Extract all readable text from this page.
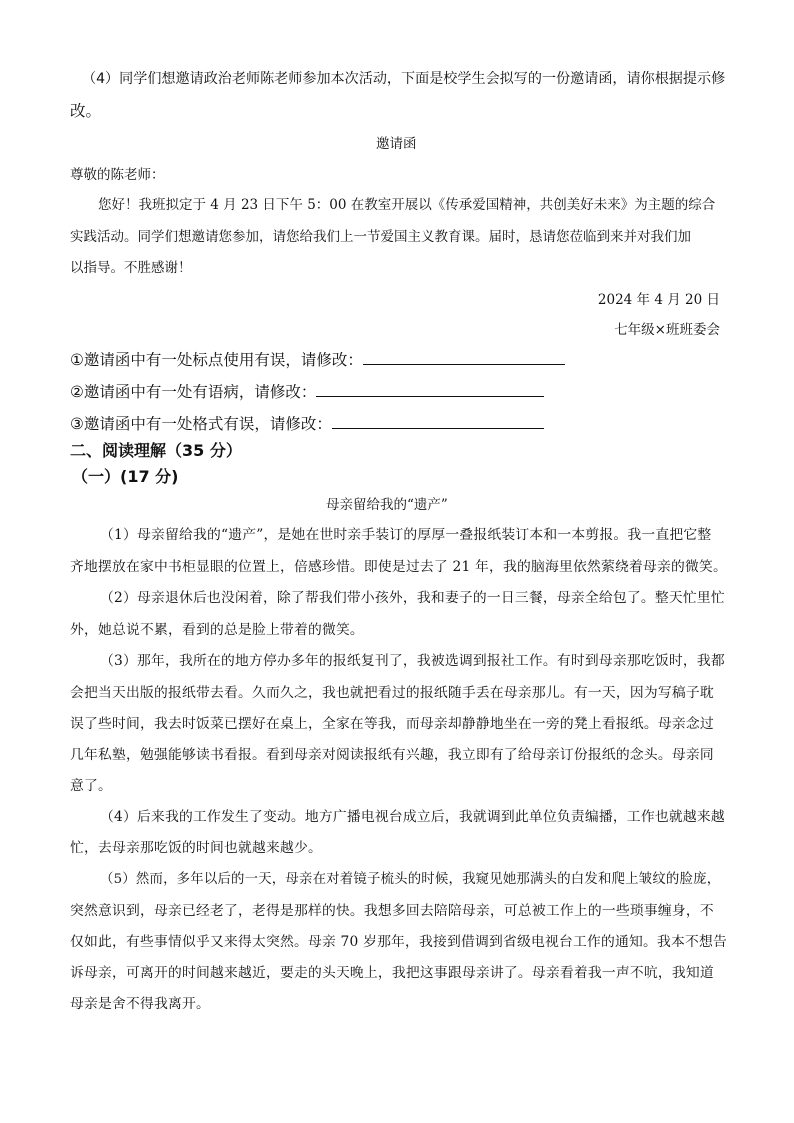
（4）同学们想邀请政治老师陈老师参加本次活动，下面是校学生会拟写的一份邀请函，请你根据提示修
改。
邀请函
尊敬的陈老师：
您好！我班拟定于 4 月 23 日下午 5：00 在教室开展以《传承爱国精神，共创美好未来》为主题的综合
实践活动。同学们想邀请您参加，请您给我们上一节爱国主义教育课。届时，恳请您莅临到来并对我们加
以指导。不胜感谢！
2024 年 4 月 20 日
七年级×班班委会
①邀请函中有一处标点使用有误，请修改：
②邀请函中有一处有语病，请修改：
③邀请函中有一处格式有误，请修改：
二、阅读理解（35 分）
（一）(17 分)
母亲留给我的“遗产”
（1）母亲留给我的“遗产”，是她在世时亲手装订的厚厚一叠报纸装订本和一本剪报。我一直把它整
齐地摆放在家中书柜显眼的位置上，倍感珍惜。即使是过去了 21 年，我的脑海里依然萦绕着母亲的微笑。
（2）母亲退休后也没闲着，除了帮我们带小孩外，我和妻子的一日三餐，母亲全给包了。整天忙里忙
外，她总说不累，看到的总是脸上带着的微笑。
（3）那年，我所在的地方停办多年的报纸复刊了，我被选调到报社工作。有时到母亲那吃饭时，我都
会把当天出版的报纸带去看。久而久之，我也就把看过的报纸随手丢在母亲那儿。有一天，因为写稿子耽
误了些时间，我去时饭菜已摆好在桌上，全家在等我，而母亲却静静地坐在一旁的凳上看报纸。母亲念过
几年私塾，勉强能够读书看报。看到母亲对阅读报纸有兴趣，我立即有了给母亲订份报纸的念头。母亲同
意了。
（4）后来我的工作发生了变动。地方广播电视台成立后，我就调到此单位负责编播，工作也就越来越
忙，去母亲那吃饭的时间也就越来越少。
（5）然而，多年以后的一天，母亲在对着镜子梳头的时候，我窥见她那满头的白发和爬上皱纹的脸庞，
突然意识到，母亲已经老了，老得是那样的快。我想多回去陪陪母亲，可总被工作上的一些琐事缠身，不
仅如此，有些事情似乎又来得太突然。母亲 70 岁那年，我接到借调到省级电视台工作的通知。我本不想告
诉母亲，可离开的时间越来越近，要走的头天晚上，我把这事跟母亲讲了。母亲看着我一声不吭，我知道
母亲是舍不得我离开。
